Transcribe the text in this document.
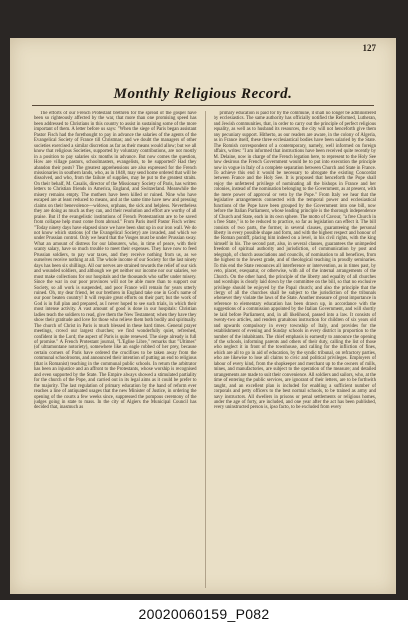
127
Monthly Religious Record.

The efforts of our French Protestant brethren for the spread of the gospel have been so righteously affected by the war, that more than one promising speed has been addressed to Christians in this country to assist in sustaining some of the more important of them. A letter before us says: "When the siege of Paris began assistant Pastor Fisch had the forethought to pay in advance the salaries of the agents of the Evangelical Society of France till Christmas; and we doubt the managers of other societies exercised a similar discretion as far as their means would allow; but we all know that religious Societies, supported by voluntary contributions, are not mostly in a position to pay salaries six months in advance. But now comes the question, How are village pastors, schoolmasters, evangelists, to be supported? Had they abandon their posts? The greatest apprehensions are also expressed for the French missionaries in southern lands, who, as in 1848, may send home ordered that will be dissolved, and who, from the failure of supplies, may be put to the greatest straits. On their behalf, M. Casalis, director of the Missionary Society of Paris, has written letters to Christian friends in America, England, and Switzerland. Meanwhile the misery remains empty. The mothers have been killed or ruined. Nine who have escaped are at least reduced to means, and at the same time have new and pressing claims on their benevolence—widows, orphans, the sick and helpless. Nevertheless they are doing as much as they can, and their resolution and effort are worthy of all praise. But if the evangelistic institutions of French Protestantism are to be saved from collapse help must come from abroad." From Paris itself Pastor Fisch writes: "Today ninety days have elapsed since we have been shut up in our iron wall. We do not know which stations (of the Evangelical Society) are invaded, and which we under Prussian control. Only we heard that the Vosges must be under Prussian sway. What an amount of distress for our labourers, who, in time of peace, with their scanty salary, have so much trouble to meet their expenses. They have now to feed Prussian soldiers, to pay war taxes, and they receive nothing from us, as we ourselves receive nothing at all. The whole income of our Society for the last ninety days has been six shillings. All our nerves are strained towards the relief of our sick and wounded soldiers, and although we get neither our income nor our salaries, we must make collections for our hospitals and the thousands who suffer under misery. Since the war in our poor provinces will not be able more than to support our Society, so all work is suspended, and poor France will remain for years utterly ruined. Oh, my dear friend, let our brethren in England take one in God's name of our poor beaten country! It will require great efforts on their part; but the work of God is in full plan and prepared, as I never hoped to see such trials, in which their most intense activity. A vast amount of good is done in our hospitals: Christian ladies teach the soldiers to read, give them the New Testament; when they have they show their gratitude and love for those who relieve them both bodily and spiritually. The church of Christ in Paris is much blessed in these hard times. General prayer meetings, crowd our largest churches; we find wonderfully quiet, refreshed, confident in the Lord; the aspect of Paris is quite renewed. The siege already is full of promise." A French Protestant journal, "L'Eglise Libre," remarks that "Ultimes" (of ultramontane notoriety), somewhere like an eagle robbed of her prey, because certain corners of Paris have ordered the crucifixes to be taken away from the communal schoolrooms, and announced their intention of putting an end to religious (that is Romanist) teaching in the communal public schools. In return the arbitrator has been an injustice and an affront to the Protestants, whose worship is recognised and even supported by the State. The Empire always showed a stimulated partiality for the church of the Pope, and carried out in its legal aims as it could be prefer to the majority. The last regulation of primary education by the hand of reform ever reaches a line of antiquated usages that the new Minister of Justice, in ordering the opening of the courts a few weeks since, suppressed the pompous ceremony of the judges going in state to mass. In the city of Algiers the Municipal Council has decided that, inasmuch as

primary education is paid for by the commune, it shall no longer be administered by ecclesiastics. The same authority has officially notified the Reformed, Lutheran, and Jewish communities, that, in order to carry out the principle of perfect religious equality, as well as to husband its resources, the city will not henceforth give them any pecuniary support. Hitherto, as our readers are aware, in the colony of Algeria, as in France itself, these three ecclesiastical bodies have been salaried by the State. The Romish correspondent of a contemporary, namely, well informed on foreign affairs, writes: "I am informed that instructions have been received quite recently by M. Delaine, now in charge of the French legation here, to represent to the Holy See how desirous the French Government would be to put into execution the principle now in vogue in Italy of a complete separation between Church and State in France. To achieve this end it would be necessary to abrogate the existing Concordat between France and the Holy See. It is proposed that henceforth the Pope shall enjoy the unfettered privilege of nominating all the bishops in France and her colonies, instead of the nomination belonging to the Government, as at present, with the mere power of approval or veto by the Pope." From Italy we hear that the legislative arrangements connected with the temporal power and ecclesiastical functions of the Pope have been grouped by the Government into one bill, now before the Italian Parliament, whose leading principle is the thorough independence of Church and State, each in its own sphere. The motto of Cavour, "a free Church in a free State," is to be reduced to practice, so far as legislation can effect it. The bill consists of two parts, the former, in several clauses, guaranteeing the personal liberty in every possible shape and form, and with the highest respect and honour of the Roman pontiff, placing him indeed on a level, in his civil rights, with the king himself in his. The second part, also, in several clauses, guarantees the unimpeded freedom of spiritual authority and jurisdiction, of communication by post and telegraph, of church associations and councils, of nomination to all benefices, from the highest to the lowest grade, and of theological teaching in proudly seminaries. To this end the State renounces all interference or intervention, as in times past, by veto, placet, exequatur, or otherwise, with all of the internal arrangements of the Church. On the other hand, the principle of the liberty and equality of all churches and worships is clearly laid down by the committee on the bill, so that no exclusive privilege should be enjoyed by the Papal church; and also the principle that the clergy of all the churches shall be subject to the jurisdiction of the tribunals whenever they violate the laws of the State. Another measure of great importance in reference to elementary education has been drawn up, in accordance with the suggestions of a commission appointed by the Italian Government, and will shortly be laid before Parliament, and, in all likelihood, passed into a law. It consists of twenty-two articles, and renders gratuitous instruction for children of six years old and upwards compulsory in every township of Italy, and provides for the establishment of evening and Sunday schools in every district in proportion to the number of the inhabitants. The chief emphasis is earnestly to announce the opening of the schools, informing parents and others of their duty, calling the list of those who neglect it in front of the townhouse, and calling for the infliction of fines, which are all to go in aid of education, by the syndic tribunal, on refractory parties, who are likewise to lose all claims to civic and political privileges. Employers of labour of every kind, from the shopkeeper and merchant up to the owners of mills, mines, and manufactories, are subject to the operation of the measure; and detailed arrangements are made to suit their convenience. All soldiers and sailors, who, at the time of entering the public services, are ignorant of their letters, are to be forthwith taught, and an excellent plan is included for enabling a sufficient number of corporals and petty officers to the best normal schools, to be trained as army and navy instructors. All dwellers in prisons or penal settlements or religious homes, under the age of forty, are included, and one year after the act has been published, every uninstructed person is, ipso facto, to be excluded from every

20020060159_P082
